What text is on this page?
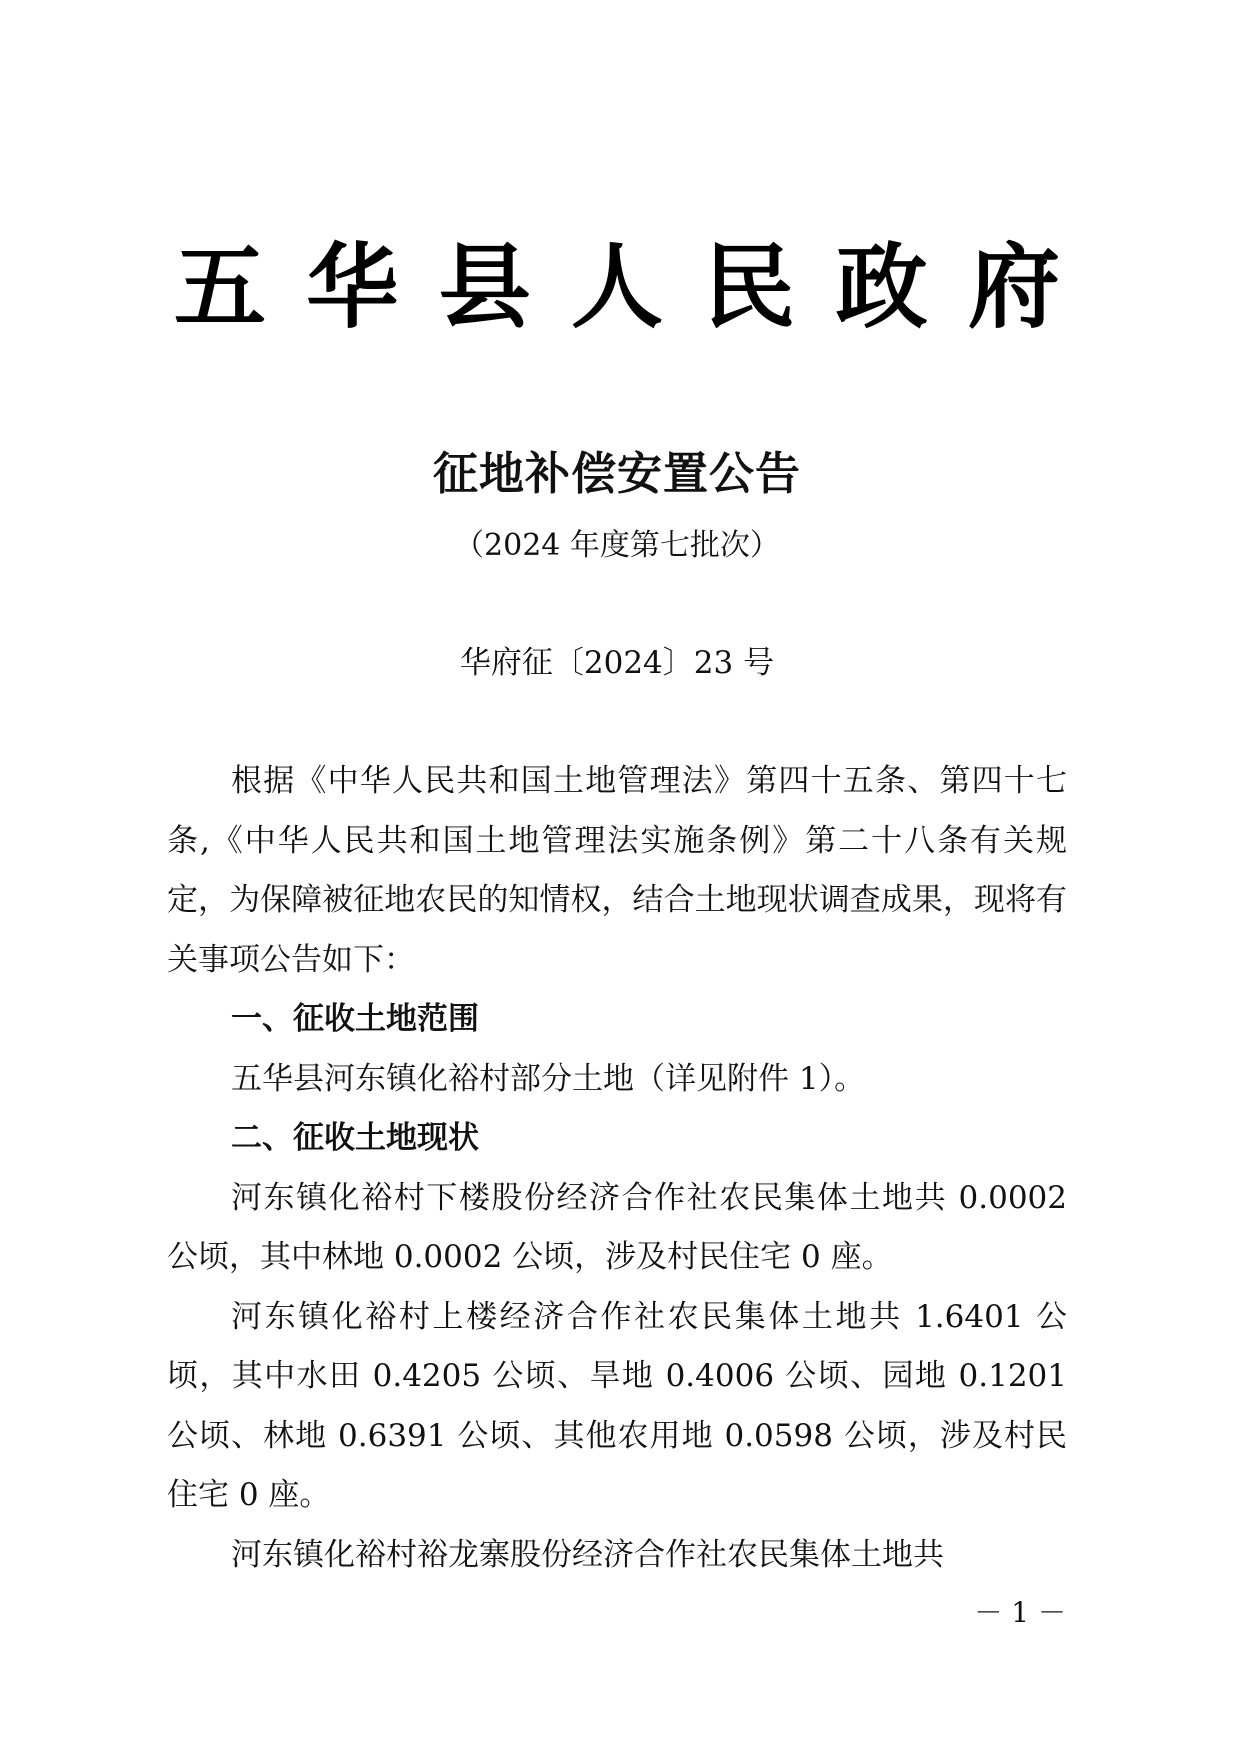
五 华 县 人 民 政 府
征地补偿安置公告
（2024 年度第七批次）
华府征〔2024〕23 号

根据《中华人民共和国土地管理法》第四十五条、第四十七条,《中华人民共和国土地管理法实施条例》第二十八条有关规定，为保障被征地农民的知情权，结合土地现状调查成果，现将有关事项公告如下：

一、征收土地范围

五华县河东镇化裕村部分土地（详见附件 1）。

二、征收土地现状

河东镇化裕村下楼股份经济合作社农民集体土地共 0.0002 公顷，其中林地 0.0002 公顷，涉及村民住宅 0 座。

河东镇化裕村上楼经济合作社农民集体土地共 1.6401 公顷，其中水田 0.4205 公顷、旱地 0.4006 公顷、园地 0.1201 公顷、林地 0.6391 公顷、其他农用地 0.0598 公顷，涉及村民住宅 0 座。

河东镇化裕村裕龙寨股份经济合作社农民集体土地共

－ 1 －
